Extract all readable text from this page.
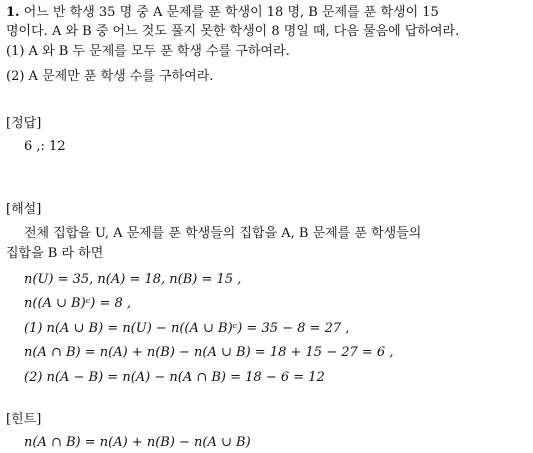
1. 어느 반 학생 35 명 중 A 문제를 푼 학생이 18 명, B 문제를 푼 학생이 15
명이다. A 와 B 중 어느 것도 풀지 못한 학생이 8 명일 때, 다음 물음에 답하여라.
(1) A 와 B 두 문제를 모두 푼 학생 수를 구하여라.
(2) A 문제만 푼 학생 수를 구하여라.
[정답]
6 ,: 12
[해설]
전체 집합을 U, A 문제를 푼 학생들의 집합을 A, B 문제를 푼 학생들의
집합을 B 라 하면
n(U) = 35, n(A) = 18, n(B) = 15 ,
n((A ∪ B)ᶜ) = 8 ,
(1) n(A ∪ B) = n(U) − n((A ∪ B)ᶜ) = 35 − 8 = 27 ,
n(A ∩ B) = n(A) + n(B) − n(A ∪ B) = 18 + 15 − 27 = 6 ,
(2) n(A − B) = n(A) − n(A ∩ B) = 18 − 6 = 12
[힌트]
n(A ∩ B) = n(A) + n(B) − n(A ∪ B)
